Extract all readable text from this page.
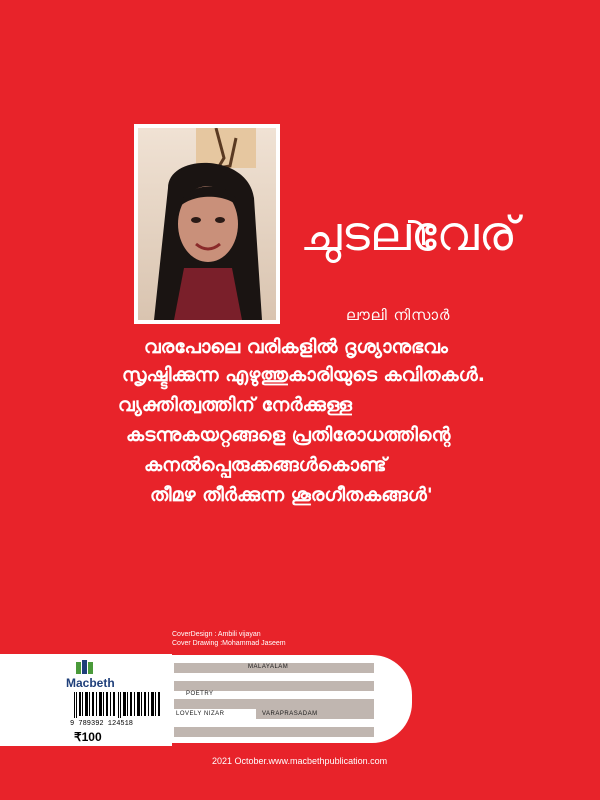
ചുടലവേര്
ലൗലി നിസാർ
വരപോലെ വരികളിൽ ദൃശ്യാനുഭവം
സൃഷ്ടിക്കുന്ന എഴുത്തുകാരിയുടെ കവിതകൾ.
വ്യക്തിത്വത്തിന് നേർക്കുള്ള
കടന്നുകയറ്റങ്ങളെ പ്രതിരോധത്തിന്റെ
കനൽപ്പെരുക്കങ്ങൾകൊണ്ട്
തീമഴ തീർക്കുന്ന ശൂരഗീതകങ്ങൾ'
CoverDesign : Ambili vijayan
Cover Drawing :Mohammad Jaseem
Macbeth
9 789392 124518
₹100
MALAYALAM
POETRY
LOVELY NIZAR	VARAPRASADAM
2021 October.www.macbethpublication.com
